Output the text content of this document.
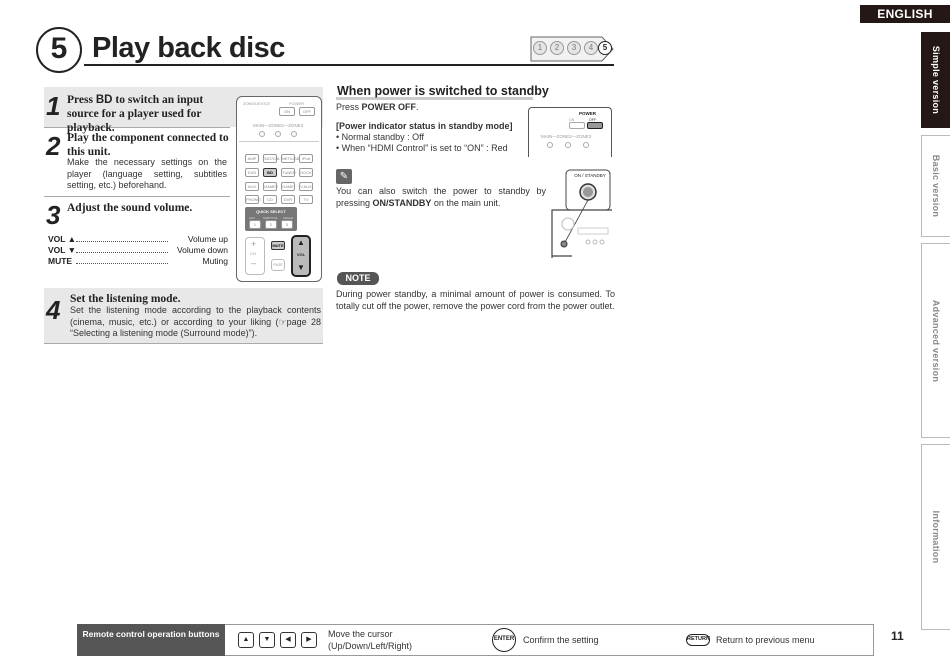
ENGLISH
Simple version
Basic version
Advanced version
Information
5 Play back disc	1	2	3	4	5
1 Press BD to switch an input source for a player used for playback.
2 Play the component connected to this unit.
Make the necessary settings on the player (language setting, subtitles setting, etc.) beforehand.
3 Adjust the sound volume.
VOL ▲	Volume up
VOL ▼	Volume down
MUTE	Muting
4 Set the listening mode.
Set the listening mode according to the playback contents (cinema, music, etc.) or according to your liking (☞page 28 “Selecting a listening mode (Surround mode)”).
ZONE/DEVICE	POWER
ON	OFF
MAIN—ZONE2—ZONE3
AMP	SAT/CBL NET/USB iPod
DVD	BD	TUNER	DOCK
AUX	GAME2 GAME V.AUX
PHONO	CD	DVR	TV
QUICK SELECT
AUX	SUBTITLE ANGLE
1	2	3
+
CH
–
MUTE
PAGE
▲
VOL
▼
When power is switched to standby
Press POWER OFF.
[Power indicator status in standby mode]
• Normal standby : Off
• When “HDMI Control” is set to “ON” : Red
POWER
ON	OFF
MAIN—ZONE2—ZONE3
✎
You can also switch the power to standby by pressing ON/STANDBY on the main unit.
ON / STANDBY
NOTE
During power standby, a minimal amount of power is consumed. To totally cut off the power, remove the power cord from the power outlet.
Remote control operation buttons
▲	▼	◀	▶
Move the cursor (Up/Down/Left/Right)
ENTER Confirm the setting	RETURN Return to previous menu	11
